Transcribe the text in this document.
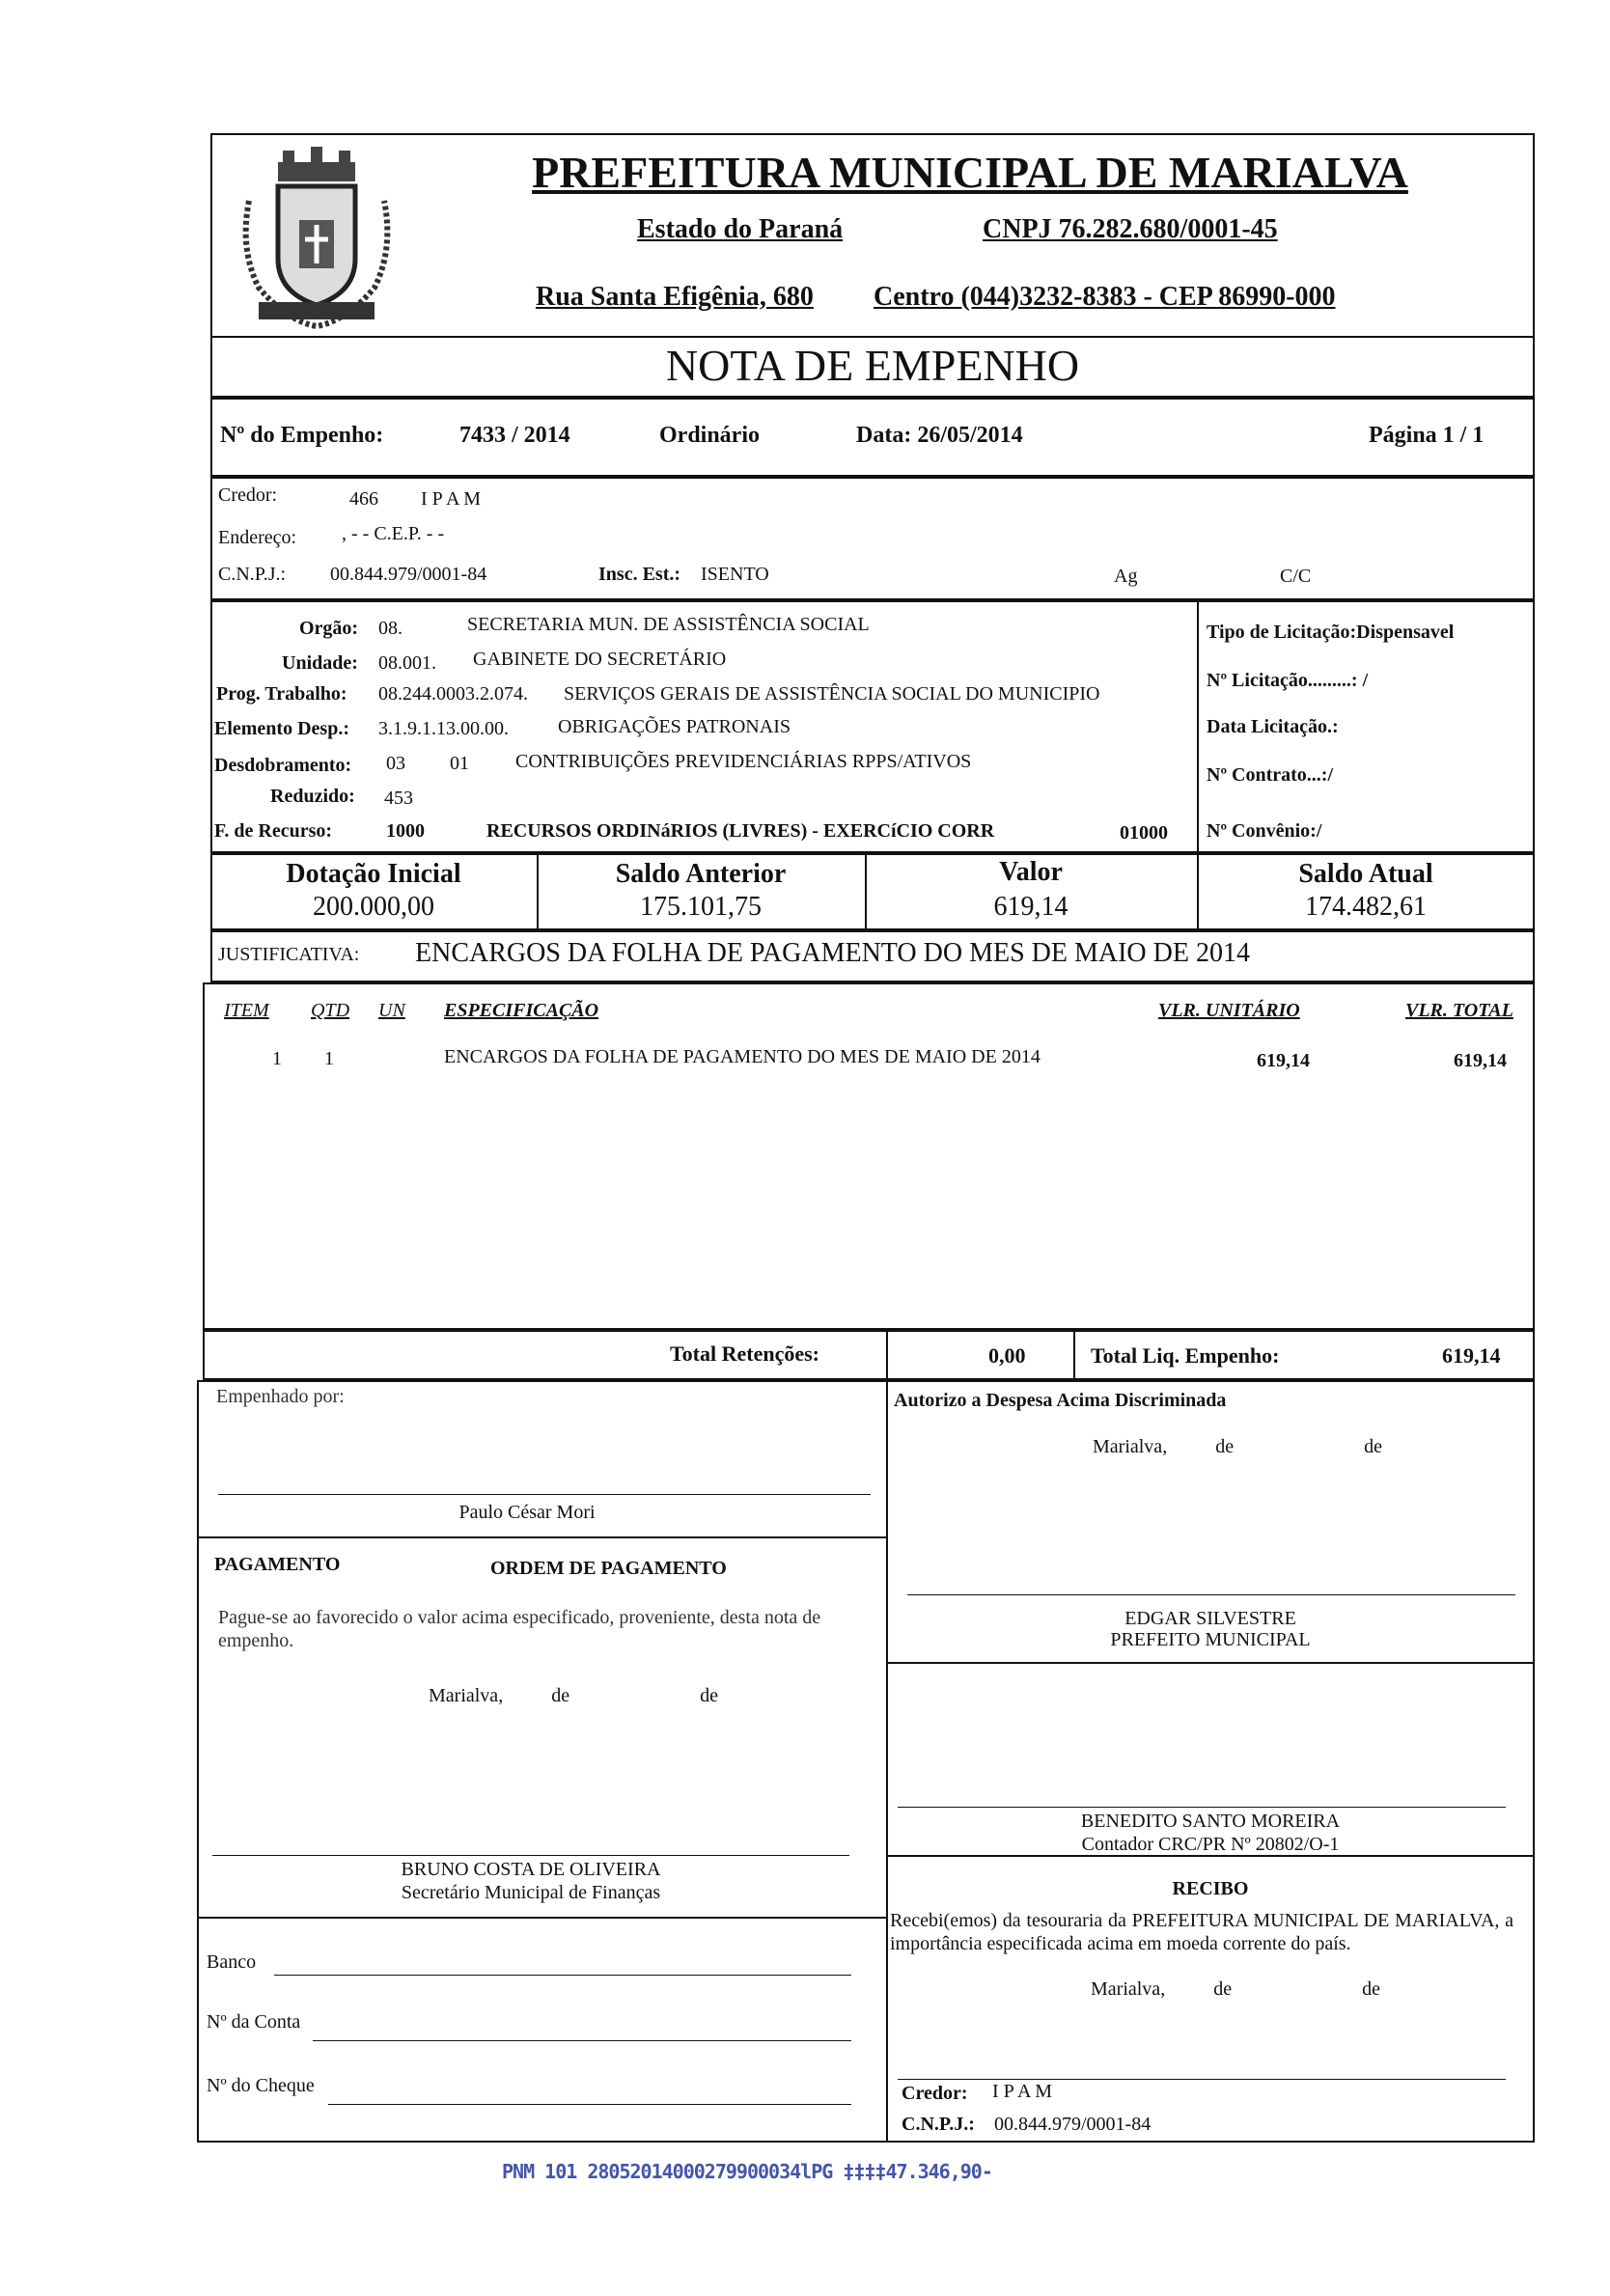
PREFEITURA MUNICIPAL DE MARIALVA
Estado do Paraná	CNPJ 76.282.680/0001-45
Rua Santa Efigênia, 680 Centro (044)3232-8383 - CEP 86990-000
NOTA DE EMPENHO
Nº do Empenho:	7433 / 2014	Ordinário	Data: 26/05/2014	Página 1 / 1
Credor:	466 I P A M
Endereço: , - - C.E.P. - -
C.N.P.J.: 00.844.979/0001-84	Insc. Est.: ISENTO	Ag	C/C
Orgão: 08.	SECRETARIA MUN. DE ASSISTÊNCIA SOCIAL
Unidade: 08.001. GABINETE DO SECRETÁRIO
Prog. Trabalho: 08.244.0003.2.074. SERVIÇOS GERAIS DE ASSISTÊNCIA SOCIAL DO MUNICIPIO
Elemento Desp.: 3.1.9.1.13.00.00.	OBRIGAÇÕES PATRONAIS
Desdobramento: 03 01 CONTRIBUIÇÕES PREVIDENCIÁRIAS RPPS/ATIVOS
Reduzido: 453
F. de Recurso:	1000	RECURSOS ORDINáRIOS (LIVRES) - EXERCíCIO CORR	01000
Tipo de Licitação:Dispensavel
Nº Licitação.........: /
Data Licitação.:
Nº Contrato...:/
Nº Convênio:/
Dotação Inicial
200.000,00
Saldo Anterior
175.101,75
Valor
619,14
Saldo Atual
174.482,61
JUSTIFICATIVA: ENCARGOS DA FOLHA DE PAGAMENTO DO MES DE MAIO DE 2014
ITEM QTD UN ESPECIFICAÇÃO	VLR. UNITÁRIO	VLR. TOTAL
1 1	ENCARGOS DA FOLHA DE PAGAMENTO DO MES DE MAIO DE 2014	619,14	619,14
Total Retenções:	0,00	Total Liq. Empenho:	619,14
Empenhado por:
Paulo César Mori
PAGAMENTO	ORDEM DE PAGAMENTO
Pague-se ao favorecido o valor acima especificado, proveniente, desta nota de empenho.
Marialva,          de                           de
BRUNO COSTA DE OLIVEIRA
Secretário Municipal de Finanças
Banco
Nº da Conta
Nº do Cheque
Autorizo a Despesa Acima Discriminada
Marialva,          de                           de
EDGAR SILVESTRE
PREFEITO MUNICIPAL
BENEDITO SANTO MOREIRA
Contador CRC/PR Nº 20802/O-1
RECIBO
Recebi(emos) da tesouraria da PREFEITURA MUNICIPAL DE MARIALVA, a importância especificada acima em moeda corrente do país.
Marialva,          de                           de
Credor: I P A M
C.N.P.J.: 00.844.979/0001-84
PNM 101 28052014000279900034lPG ‡‡‡‡47.346,90-
